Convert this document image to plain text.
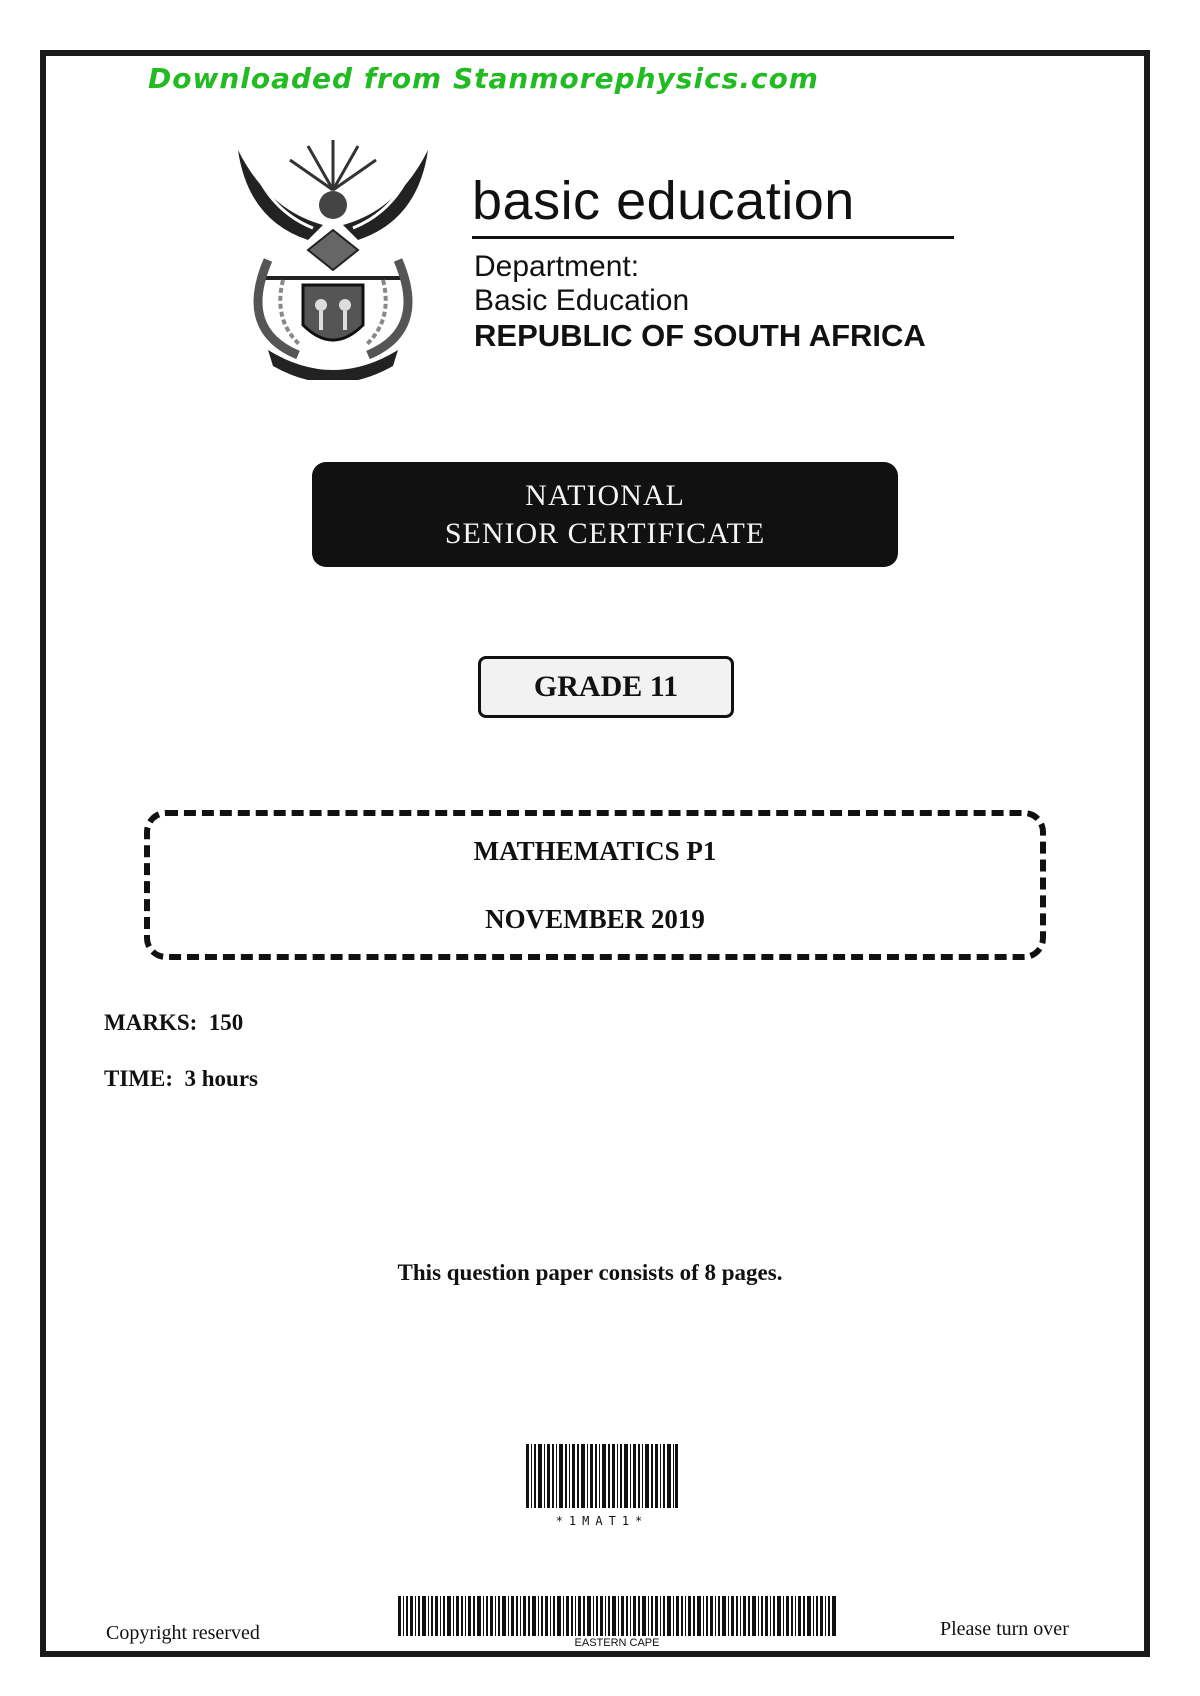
Downloaded from Stanmorephysics.com
basic education
Department:
Basic Education
REPUBLIC OF SOUTH AFRICA
NATIONAL
SENIOR CERTIFICATE
GRADE 11
MATHEMATICS P1
NOVEMBER 2019
MARKS: 150
TIME: 3 hours
This question paper consists of 8 pages.
*1MAT1*
EASTERN CAPE
Copyright reserved	Please turn over
